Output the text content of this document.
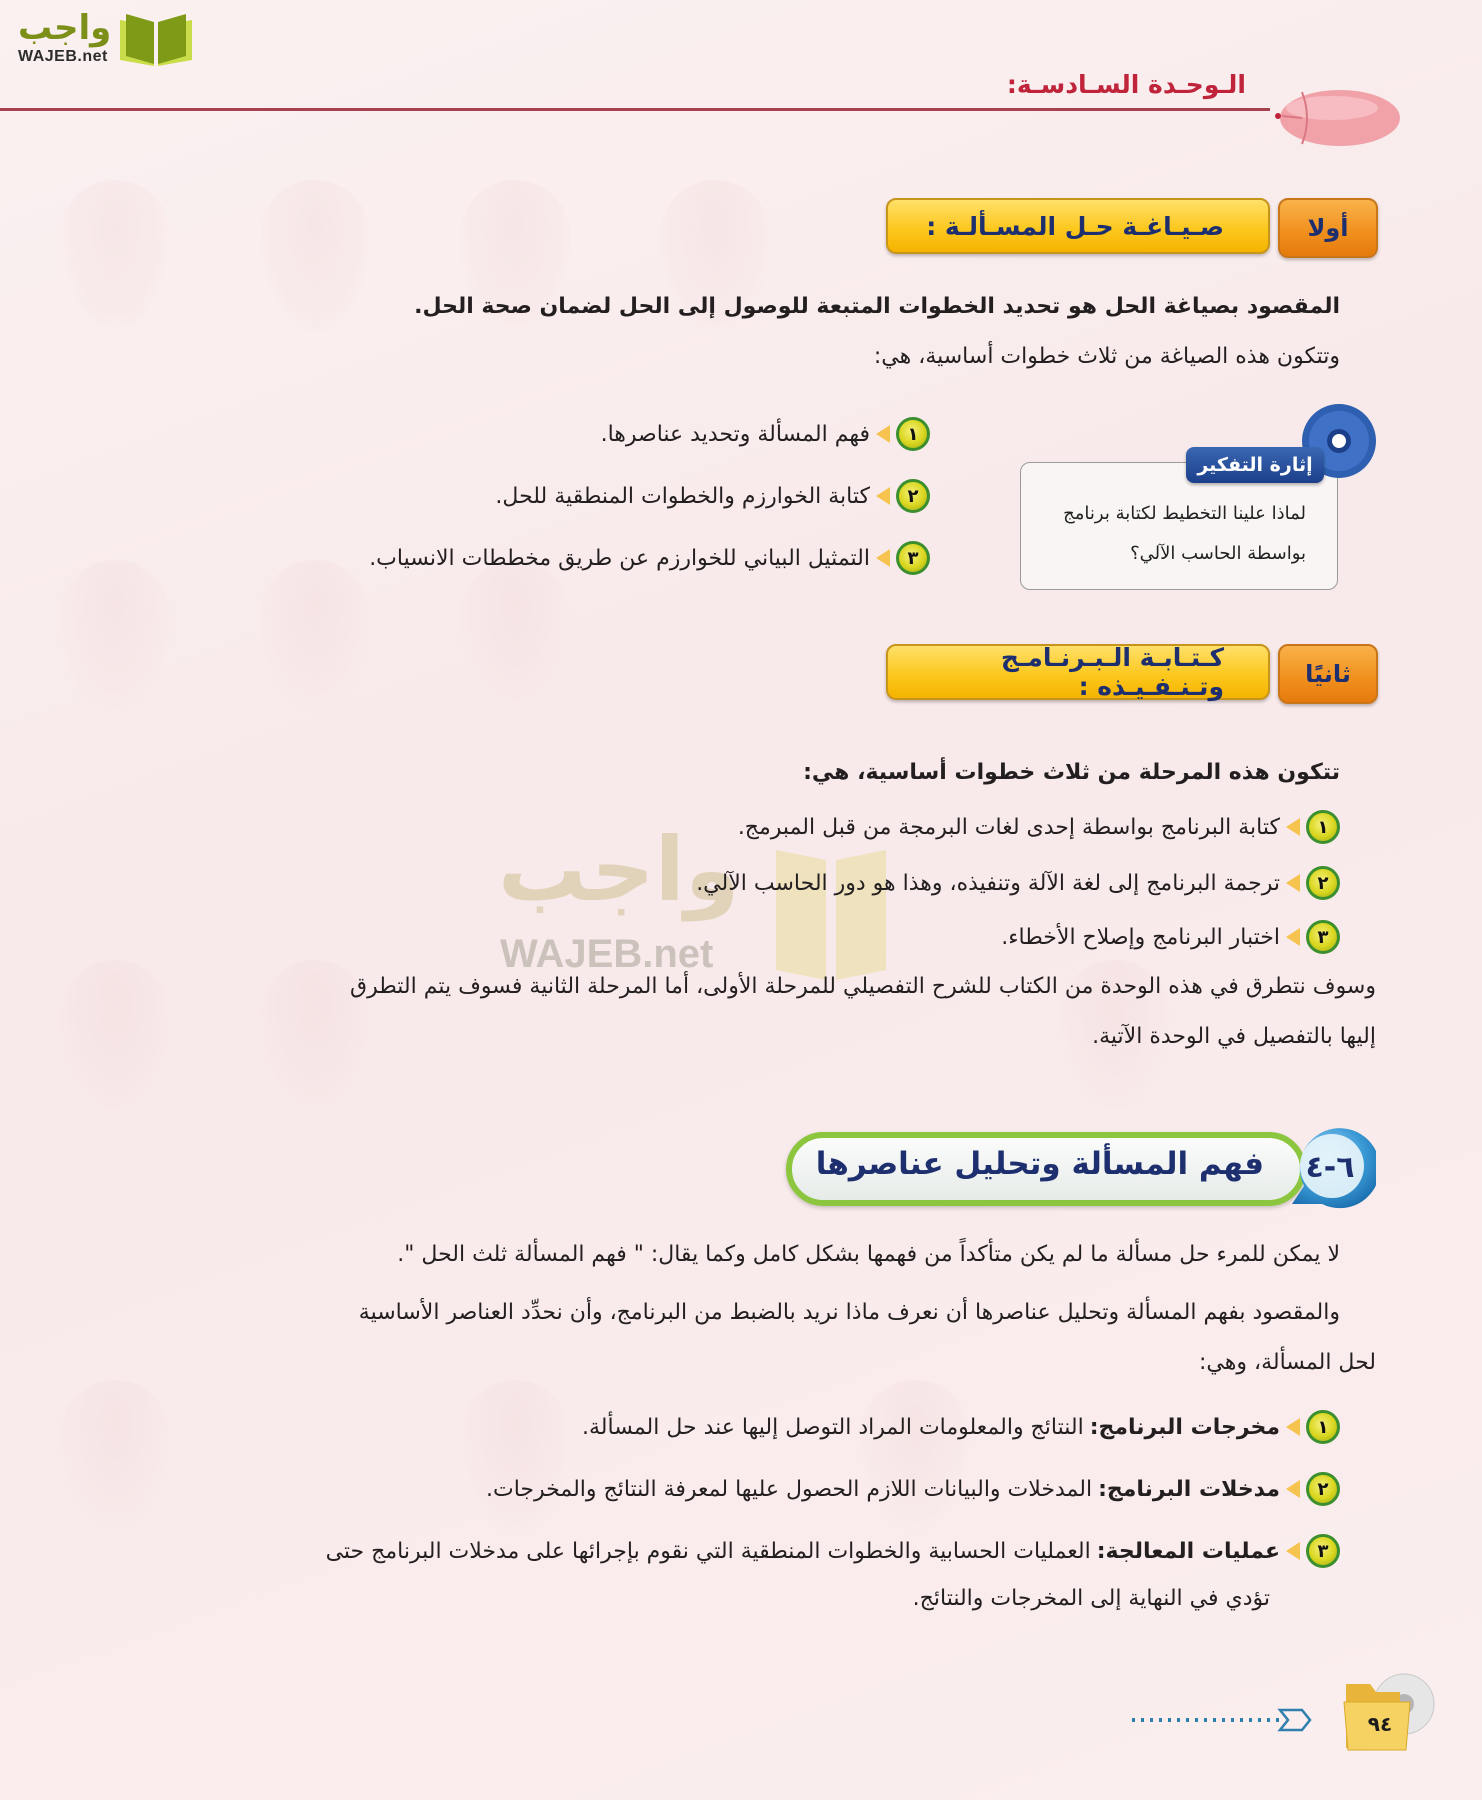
واجب
WAJEB.net
الـوحـدة السـادسـة:
أولا
صـيـاغـة حـل المسـألـة :
المقصود بصياغة الحل هو تحديد الخطوات المتبعة للوصول إلى الحل لضمان صحة الحل.
وتتكون هذه الصياغة من ثلاث خطوات أساسية، هي:
١
فهم المسألة وتحديد عناصرها.
٢
كتابة الخوارزم والخطوات المنطقية للحل.
٣
التمثيل البياني للخوارزم عن طريق مخططات الانسياب.
إثارة التفكير
لماذا علينا التخطيط لكتابة برنامج
بواسطة الحاسب الآلي؟
ثانيًا
كـتـابـة الـبـرنـامـج وتـنـفـيـذه :
تتكون هذه المرحلة من ثلاث خطوات أساسية، هي:
واجب
WAJEB.net
١
كتابة البرنامج بواسطة إحدى لغات البرمجة من قبل المبرمج.
٢
ترجمة البرنامج إلى لغة الآلة وتنفيذه، وهذا هو دور الحاسب الآلي.
٣
اختبار البرنامج وإصلاح الأخطاء.
وسوف نتطرق في هذه الوحدة من الكتاب للشرح التفصيلي للمرحلة الأولى، أما المرحلة الثانية فسوف يتم التطرق
إليها بالتفصيل في الوحدة الآتية.
٦-٤
فهم المسألة وتحليل عناصرها
لا يمكن للمرء حل مسألة ما لم يكن متأكداً من فهمها بشكل كامل وكما يقال: " فهم المسألة ثلث الحل ".
والمقصود بفهم المسألة وتحليل عناصرها أن نعرف ماذا نريد بالضبط من البرنامج، وأن نحدِّد العناصر الأساسية
لحل المسألة، وهي:
١
مخرجات البرنامج:
النتائج والمعلومات المراد التوصل إليها عند حل المسألة.
٢
مدخلات البرنامج:
المدخلات والبيانات اللازم الحصول عليها لمعرفة النتائج والمخرجات.
٣
عمليات المعالجة:
العمليات الحسابية والخطوات المنطقية التي نقوم بإجرائها على مدخلات البرنامج حتى
تؤدي في النهاية إلى المخرجات والنتائج.
٩٤
